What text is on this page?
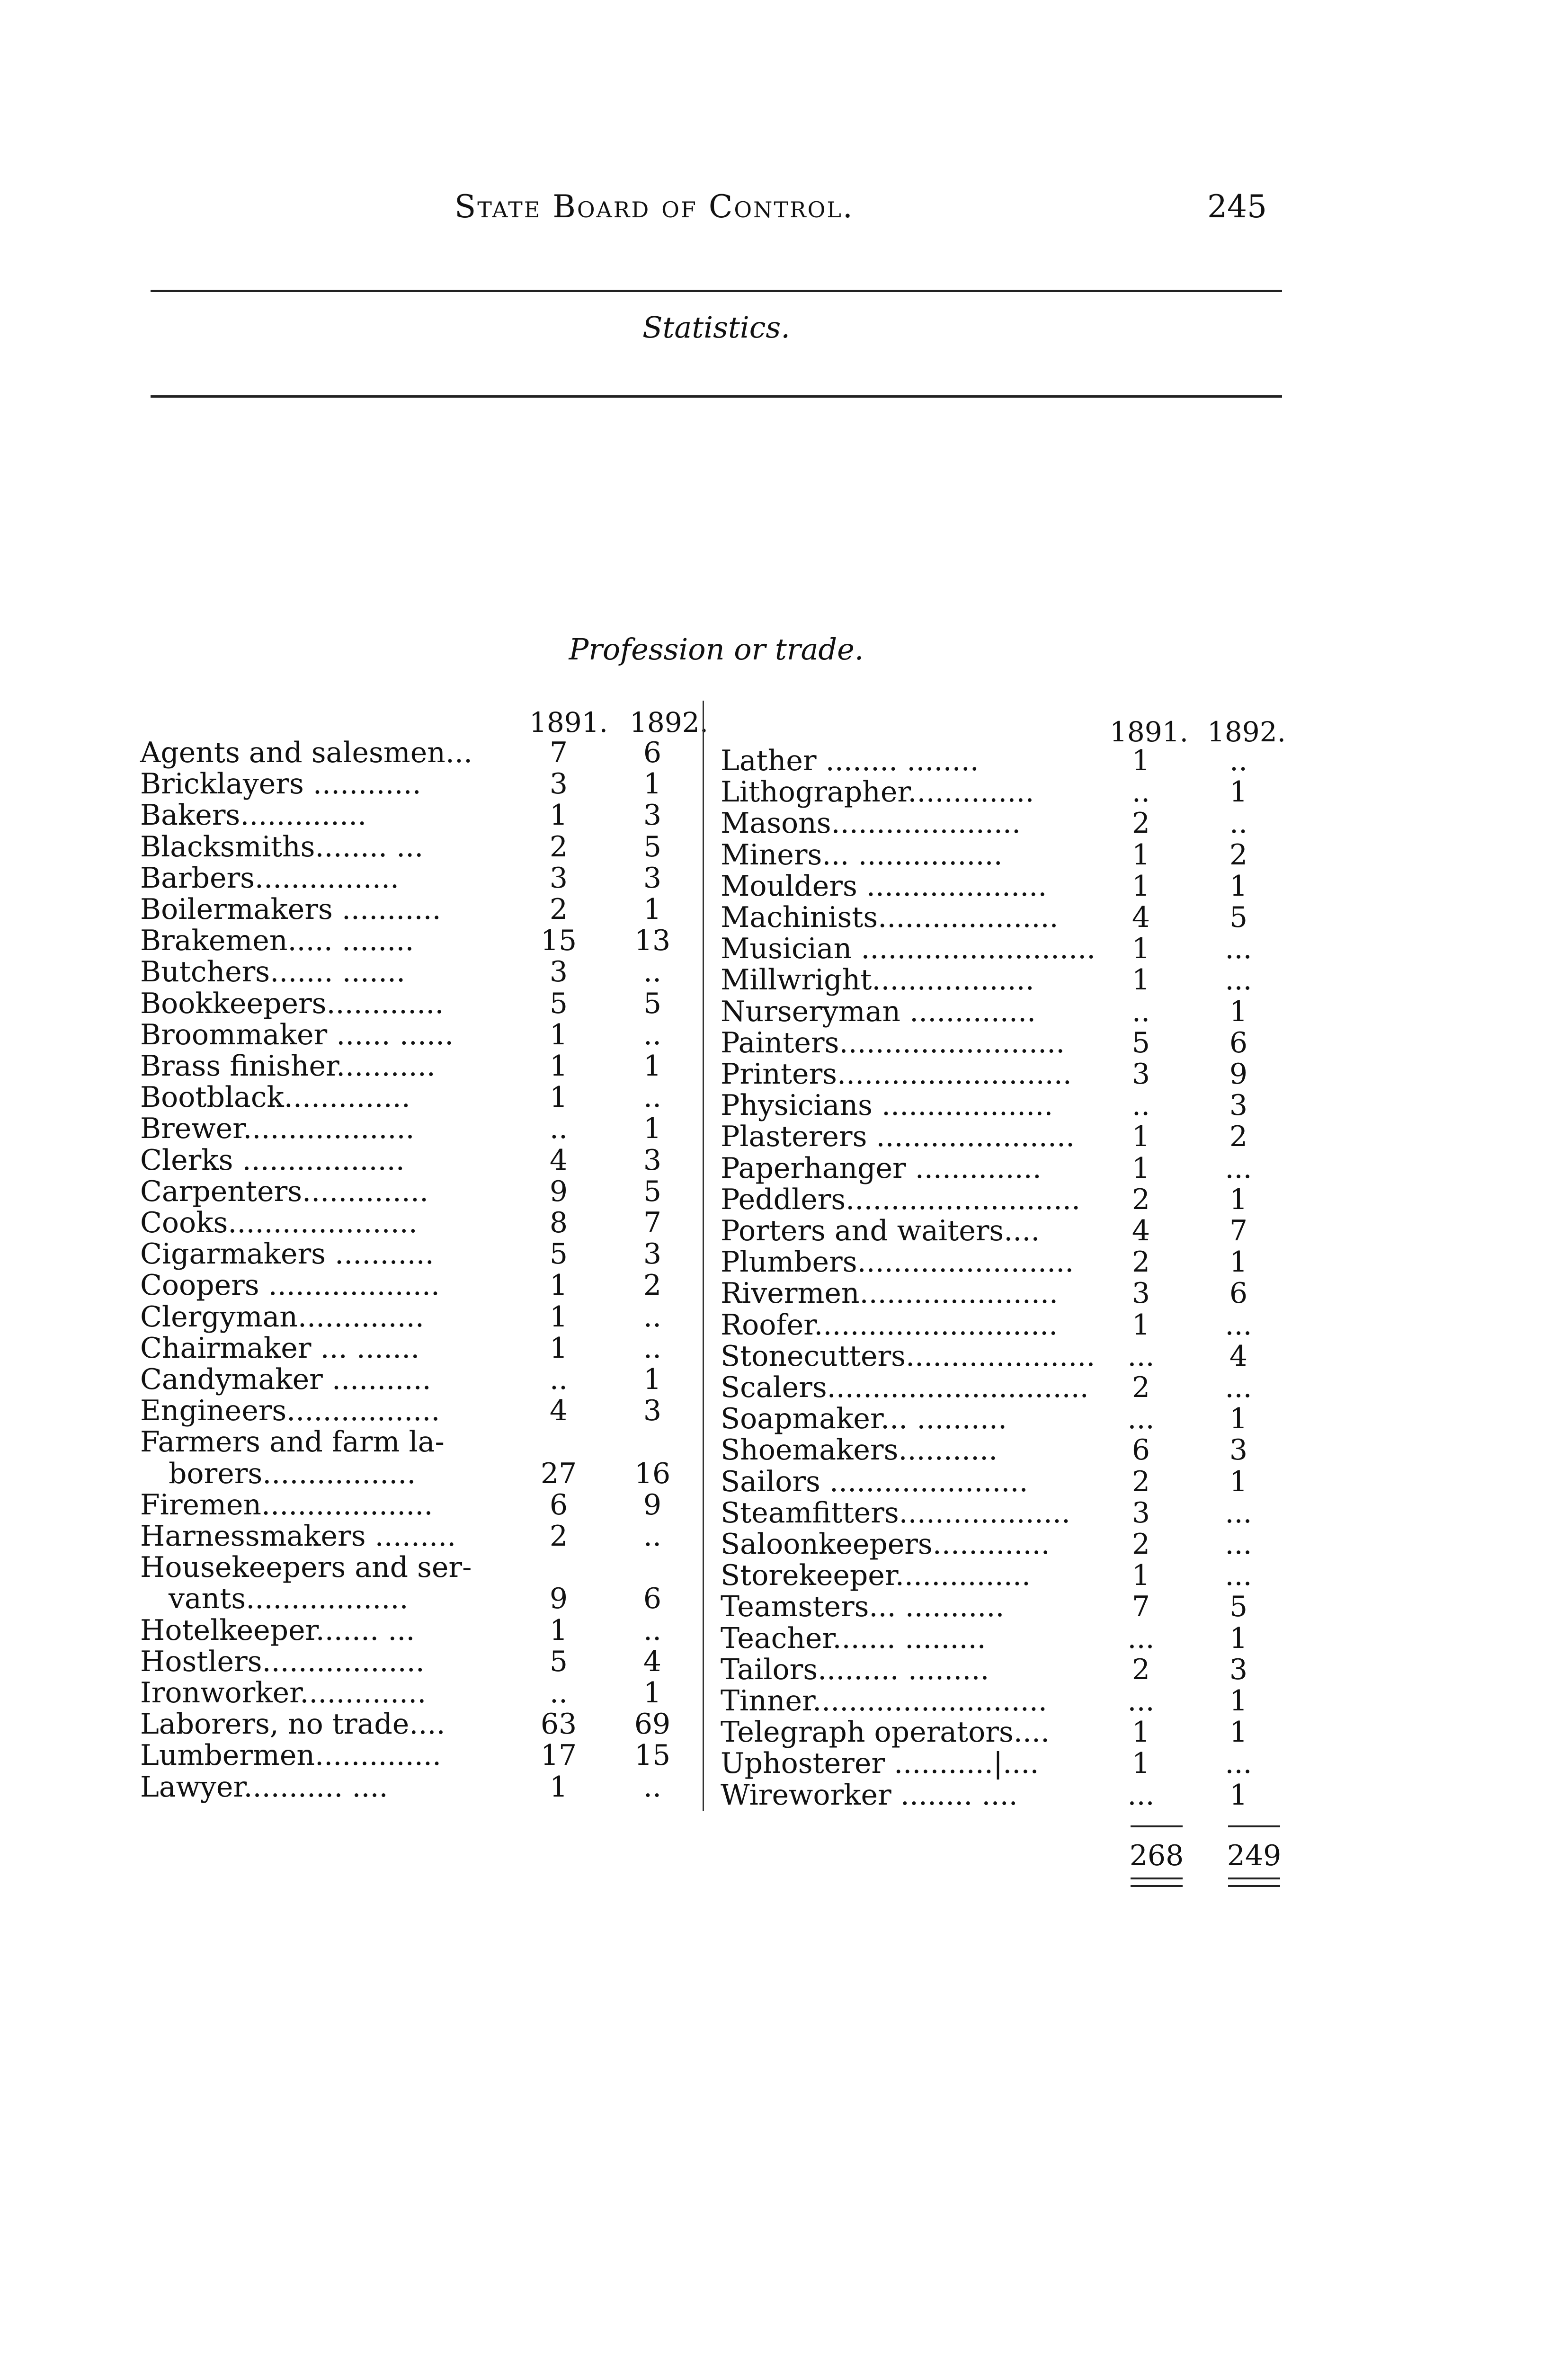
State Board of Control.	245
Statistics.
Profession or trade.
1891. 1892.	1891. 1892.
Agents and salesmen...	7	6
Bricklayers ............	3	1
Bakers..............	1	3
Blacksmiths........ ...	2	5
Barbers................	3	3
Boilermakers ...........	2	1
Brakemen..... ........	15	13
Butchers....... .......	3	..
Bookkeepers.............	5	5
Broommaker ...... ......	1	..
Brass finisher...........	1	1
Bootblack..............	1	..
Brewer...................	..	1
Clerks ..................	4	3
Carpenters..............	9	5
Cooks.....................	8	7
Cigarmakers ...........	5	3
Coopers ...................	1	2
Clergyman..............	1	..
Chairmaker ... .......	1	..
Candymaker ...........	..	1
Engineers.................	4	3
Farmers and farm la-
borers.................	27	16
Firemen...................	6	9
Harnessmakers .........	2	..
Housekeepers and ser-
vants..................	9	6
Hotelkeeper....... ...	1	..
Hostlers..................	5	4
Ironworker..............	..	1
Laborers, no trade....	63	69
Lumbermen..............	17	15
Lawyer........... ....	1	..
Lather ........ ........	1	..
Lithographer..............	..	1
Masons.....................	2	..
Miners... ................	1	2
Moulders ....................	1	1
Machinists....................	4	5
Musician ..........................	1	...
Millwright..................	1	...
Nurseryman ..............	..	1
Painters.........................	5	6
Printers..........................	3	9
Physicians ...................	..	3
Plasterers ......................	1	2
Paperhanger ..............	1	...
Peddlers..........................	2	1
Porters and waiters....	4	7
Plumbers........................	2	1
Rivermen......................	3	6
Roofer...........................	1	...
Stonecutters.....................	...	4
Scalers.............................	2	...
Soapmaker... ..........	...	1
Shoemakers...........	6	3
Sailors ......................	2	1
Steamfitters...................	3	...
Saloonkeepers.............	2	...
Storekeeper...............	1	...
Teamsters... ...........	7	5
Teacher....... .........	...	1
Tailors......... .........	2	3
Tinner..........................	...	1
Telegraph operators....	1	1
Uphosterer ...........|....	1	...
Wireworker ........ ....	...	1
268 249
